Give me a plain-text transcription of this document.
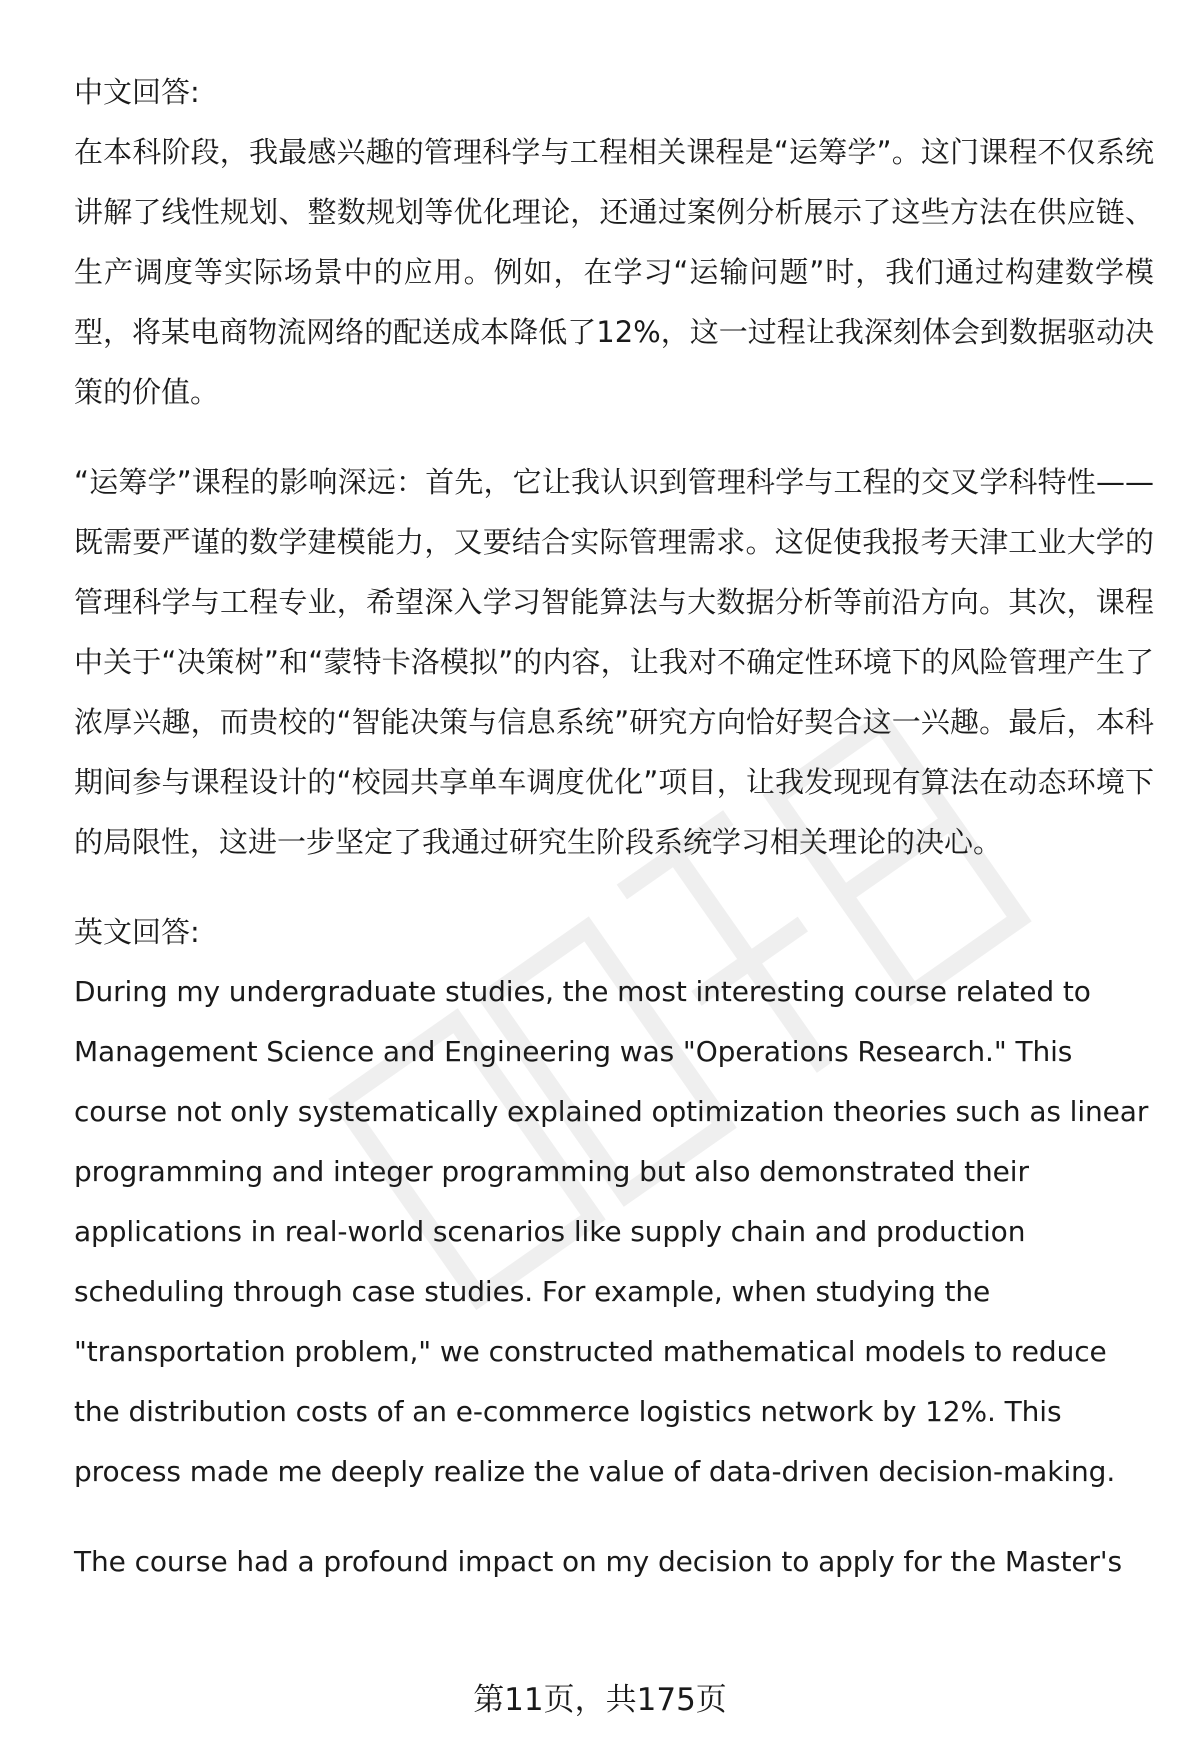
中文回答:

在本科阶段，我最感兴趣的管理科学与工程相关课程是“运筹学”。这门课程不仅系统讲解了线性规划、整数规划等优化理论，还通过案例分析展示了这些方法在供应链、生产调度等实际场景中的应用。例如，在学习“运输问题”时，我们通过构建数学模型，将某电商物流网络的配送成本降低了12%，这一过程让我深刻体会到数据驱动决策的价值。

“运筹学”课程的影响深远：首先，它让我认识到管理科学与工程的交叉学科特性——既需要严谨的数学建模能力，又要结合实际管理需求。这促使我报考天津工业大学的管理科学与工程专业，希望深入学习智能算法与大数据分析等前沿方向。其次，课程中关于“决策树”和“蒙特卡洛模拟”的内容，让我对不确定性环境下的风险管理产生了浓厚兴趣，而贵校的“智能决策与信息系统”研究方向恰好契合这一兴趣。最后，本科期间参与课程设计的“校园共享单车调度优化”项目，让我发现现有算法在动态环境下的局限性，这进一步坚定了我通过研究生阶段系统学习相关理论的决心。

英文回答:

During my undergraduate studies, the most interesting course related to Management Science and Engineering was "Operations Research." This course not only systematically explained optimization theories such as linear programming and integer programming but also demonstrated their applications in real-world scenarios like supply chain and production scheduling through case studies. For example, when studying the "transportation problem," we constructed mathematical models to reduce the distribution costs of an e-commerce logistics network by 12%. This process made me deeply realize the value of data-driven decision-making.

The course had a profound impact on my decision to apply for the Master's

第11页，共175页
